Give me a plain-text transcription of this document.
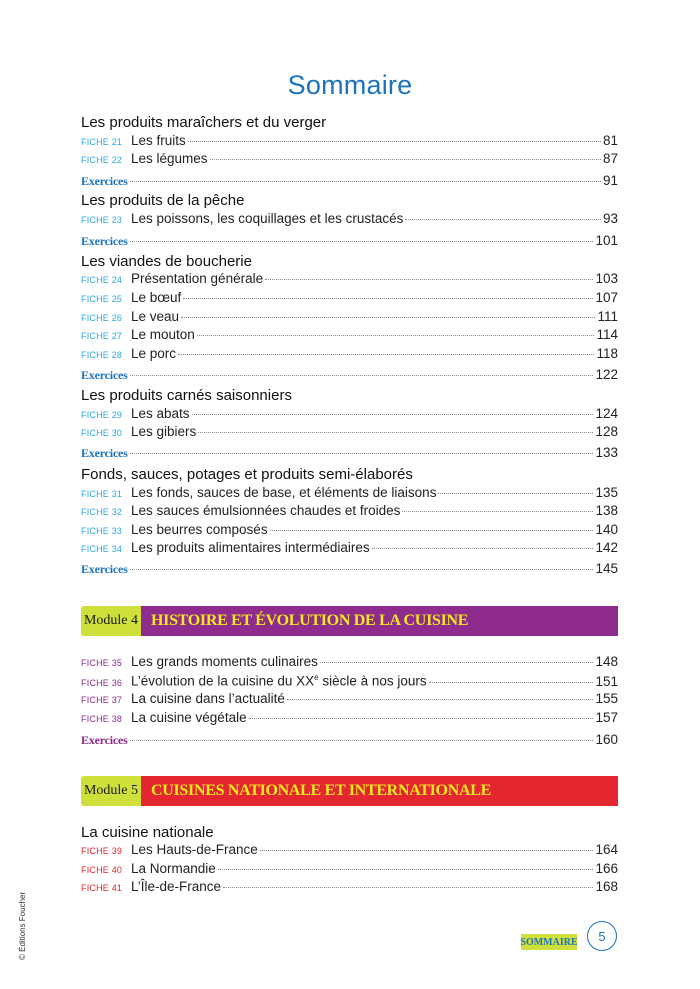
Sommaire
Les produits maraîchers et du verger
FICHE 21 Les fruits	81
FICHE 22 Les légumes	87
Exercices	91
Les produits de la pêche
FICHE 23 Les poissons, les coquillages et les crustacés	93
Exercices	101
Les viandes de boucherie
FICHE 24 Présentation générale	103
FICHE 25 Le bœuf	107
FICHE 26 Le veau	111
FICHE 27 Le mouton	114
FICHE 28 Le porc	118
Exercices	122
Les produits carnés saisonniers
FICHE 29 Les abats	124
FICHE 30 Les gibiers	128
Exercices	133
Fonds, sauces, potages et produits semi-élaborés
FICHE 31 Les fonds, sauces de base, et éléments de liaisons	135
FICHE 32 Les sauces émulsionnées chaudes et froides	138
FICHE 33 Les beurres composés	140
FICHE 34 Les produits alimentaires intermédiaires	142
Exercices	145
Module 4 HISTOIRE ET ÉVOLUTION DE LA CUISINE
FICHE 35 Les grands moments culinaires	148
FICHE 36 L’évolution de la cuisine du XXe siècle à nos jours	151
FICHE 37 La cuisine dans l’actualité	155
FICHE 38 La cuisine végétale	157
Exercices	160
Module 5 CUISINES NATIONALE ET INTERNATIONALE
La cuisine nationale
FICHE 39 Les Hauts-de-France	164
FICHE 40 La Normandie	166
FICHE 41 L’Île-de-France	168
© Éditions Foucher	SOMMAIRE	5
